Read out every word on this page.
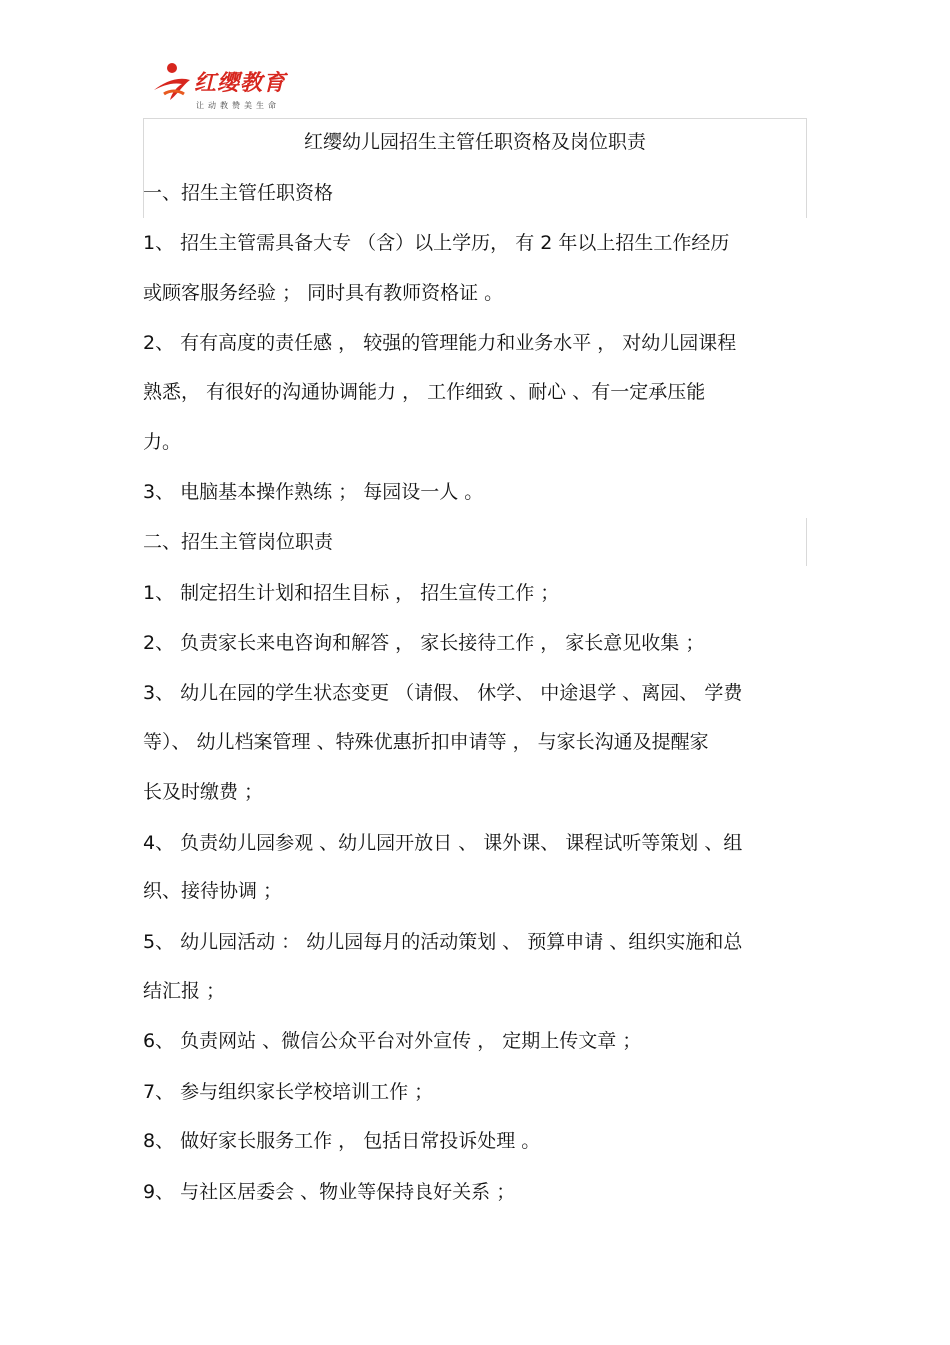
红缨教育
让动教赞美生命
红缨幼儿园招生主管任职资格及岗位职责
一、招生主管任职资格
1、 招生主管需具备大专 （含）以上学历， 有 2 年以上招生工作经历
或顾客服务经验 ； 同时具有教师资格证 。
2、 有有高度的责任感 ， 较强的管理能力和业务水平 ， 对幼儿园课程
熟悉， 有很好的沟通协调能力 ， 工作细致 、耐心 、有一定承压能
力。
3、 电脑基本操作熟练 ； 每园设一人 。
二、招生主管岗位职责
1、 制定招生计划和招生目标 ， 招生宣传工作 ；
2、 负责家长来电咨询和解答 ， 家长接待工作 ， 家长意见收集 ；
3、 幼儿在园的学生状态变更 （请假、 休学、 中途退学 、离园、 学费
等）、 幼儿档案管理 、特殊优惠折扣申请等 ， 与家长沟通及提醒家
长及时缴费 ；
4、 负责幼儿园参观 、幼儿园开放日 、 课外课、 课程试听等策划 、组
织、接待协调 ；
5、 幼儿园活动 ： 幼儿园每月的活动策划 、 预算申请 、组织实施和总
结汇报 ；
6、 负责网站 、微信公众平台对外宣传 ， 定期上传文章 ；
7、 参与组织家长学校培训工作 ；
8、 做好家长服务工作 ， 包括日常投诉处理 。
9、 与社区居委会 、物业等保持良好关系 ；
